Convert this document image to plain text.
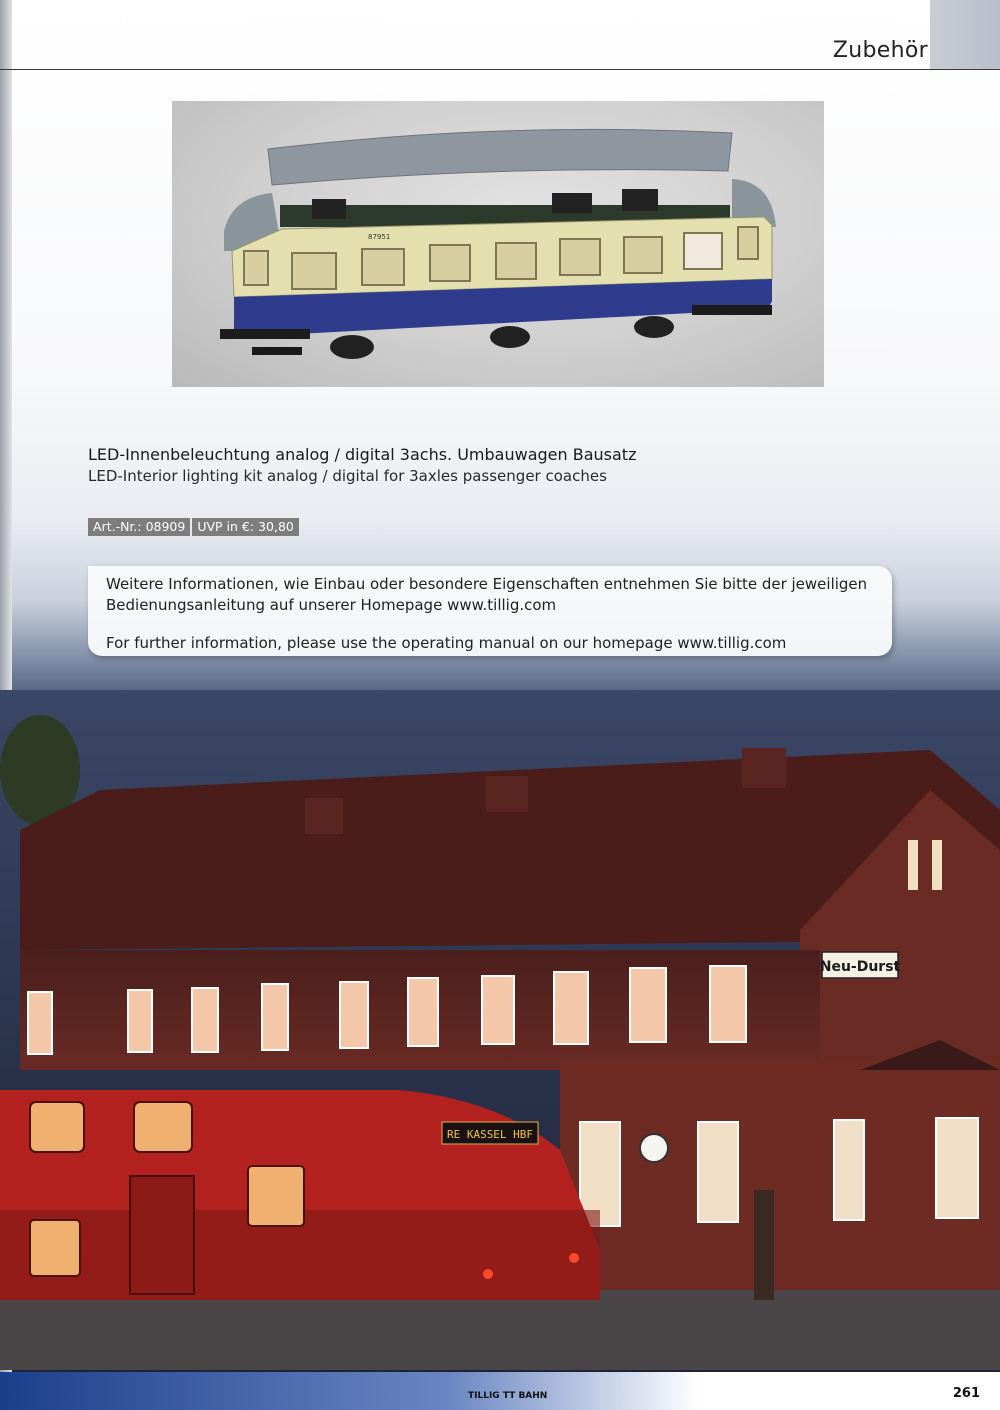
Zubehör
87951
LED-Innenbeleuchtung analog / digital 3achs. Umbauwagen Bausatz
LED-Interior lighting kit analog / digital for 3axles passenger coaches
Art.-Nr.: 08909 UVP in €: 30,80
Weitere Informationen, wie Einbau oder besondere Eigenschaften entnehmen Sie bitte der jeweiligen Bedienungsanleitung auf unserer Homepage www.tillig.com
For further information, please use the operating manual on our homepage www.tillig.com
Neu-Durst
RE KASSEL HBF
TILLIG TT BAHN	261
